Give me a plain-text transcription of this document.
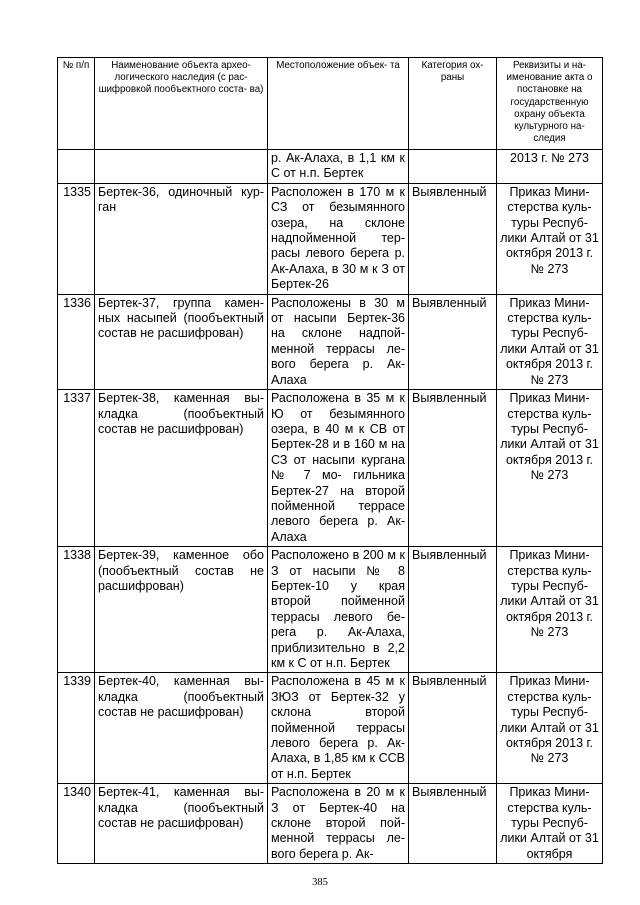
№ п/п	Наименование объекта архео- логического наследия (с рас- шифровкой пообъектного соста- ва)	Местоположение объек- та	Категория ох- раны	Реквизиты и на- именование акта о постановке на государственную охрану объекта культурного на- следия

		р. Ак-Алаха, в 1,1 км к С от н.п. Бертек		2013 г. № 273
1335	Бертек-36, одиночный кур- ган	Расположен в 170 м к СЗ от безымянного озера, на склоне надпойменной тер- расы левого берега р. Ак-Алаха, в 30 м к З от Бертек-26	Выявленный	Приказ Мини- стерства куль- туры Респуб- лики Алтай от 31 октября 2013 г. № 273
1336	Бертек-37, группа камен- ных насыпей (пообъектный состав не расшифрован)	Расположены в 30 м от насыпи Бертек-36 на склоне надпой- менной террасы ле- вого берега р. Ак- Алаха	Выявленный	Приказ Мини- стерства куль- туры Респуб- лики Алтай от 31 октября 2013 г. № 273
1337	Бертек-38, каменная вы- кладка (пообъектный состав не расшифрован)	Расположена в 35 м к Ю от безымянного озера, в 40 м к СВ от Бертек-28 и в 160 м на СЗ от насыпи кургана № 7 мо- гильника Бертек-27 на второй пойменной террасе левого берега р. Ак-Алаха	Выявленный	Приказ Мини- стерства куль- туры Респуб- лики Алтай от 31 октября 2013 г. № 273
1338	Бертек-39, каменное обо (пообъектный состав не расшифрован)	Расположено в 200 м к З от насыпи № 8 Бертек-10 у края второй пойменной террасы левого бе- рега р. Ак-Алаха, приблизительно в 2,2 км к С от н.п. Бертек	Выявленный	Приказ Мини- стерства куль- туры Респуб- лики Алтай от 31 октября 2013 г. № 273
1339	Бертек-40, каменная вы- кладка (пообъектный состав не расшифрован)	Расположена в 45 м к ЗЮЗ от Бертек-32 у склона второй пойменной террасы левого берега р. Ак- Алаха, в 1,85 км к ССВ от н.п. Бертек	Выявленный	Приказ Мини- стерства куль- туры Респуб- лики Алтай от 31 октября 2013 г. № 273
1340	Бертек-41, каменная вы- кладка (пообъектный состав не расшифрован)	Расположена в 20 м к З от Бертек-40 на склоне второй пой- менной террасы ле- вого берега р. Ак-	Выявленный	Приказ Мини- стерства куль- туры Респуб- лики Алтай от 31 октября
385
